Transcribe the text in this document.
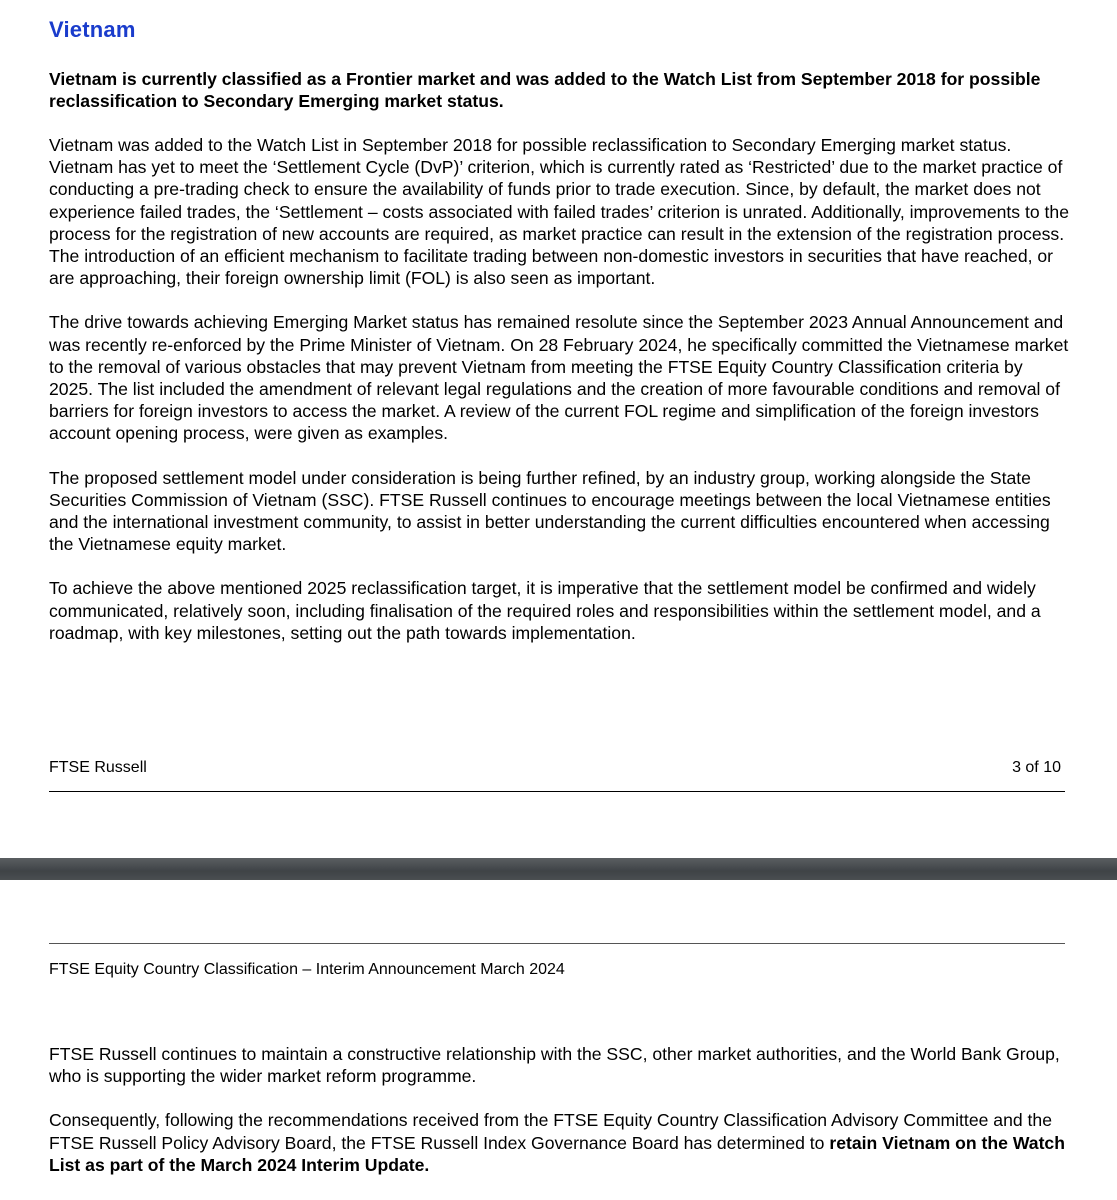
Vietnam

Vietnam is currently classified as a Frontier market and was added to the Watch List from September 2018 for possible reclassification to Secondary Emerging market status.

Vietnam was added to the Watch List in September 2018 for possible reclassification to Secondary Emerging market status. Vietnam has yet to meet the ‘Settlement Cycle (DvP)’ criterion, which is currently rated as ‘Restricted’ due to the market practice of conducting a pre-trading check to ensure the availability of funds prior to trade execution. Since, by default, the market does not experience failed trades, the ‘Settlement – costs associated with failed trades’ criterion is unrated. Additionally, improvements to the process for the registration of new accounts are required, as market practice can result in the extension of the registration process. The introduction of an efficient mechanism to facilitate trading between non-domestic investors in securities that have reached, or are approaching, their foreign ownership limit (FOL) is also seen as important.

The drive towards achieving Emerging Market status has remained resolute since the September 2023 Annual Announcement and was recently re-enforced by the Prime Minister of Vietnam. On 28 February 2024, he specifically committed the Vietnamese market to the removal of various obstacles that may prevent Vietnam from meeting the FTSE Equity Country Classification criteria by 2025. The list included the amendment of relevant legal regulations and the creation of more favourable conditions and removal of barriers for foreign investors to access the market. A review of the current FOL regime and simplification of the foreign investors account opening process, were given as examples.

The proposed settlement model under consideration is being further refined, by an industry group, working alongside the State Securities Commission of Vietnam (SSC). FTSE Russell continues to encourage meetings between the local Vietnamese entities and the international investment community, to assist in better understanding the current difficulties encountered when accessing the Vietnamese equity market.

To achieve the above mentioned 2025 reclassification target, it is imperative that the settlement model be confirmed and widely communicated, relatively soon, including finalisation of the required roles and responsibilities within the settlement model, and a roadmap, with key milestones, setting out the path towards implementation.

FTSE Russell	3 of 10
FTSE Equity Country Classification – Interim Announcement March 2024

FTSE Russell continues to maintain a constructive relationship with the SSC, other market authorities, and the World Bank Group, who is supporting the wider market reform programme.

Consequently, following the recommendations received from the FTSE Equity Country Classification Advisory Committee and the FTSE Russell Policy Advisory Board, the FTSE Russell Index Governance Board has determined to retain Vietnam on the Watch List as part of the March 2024 Interim Update.
